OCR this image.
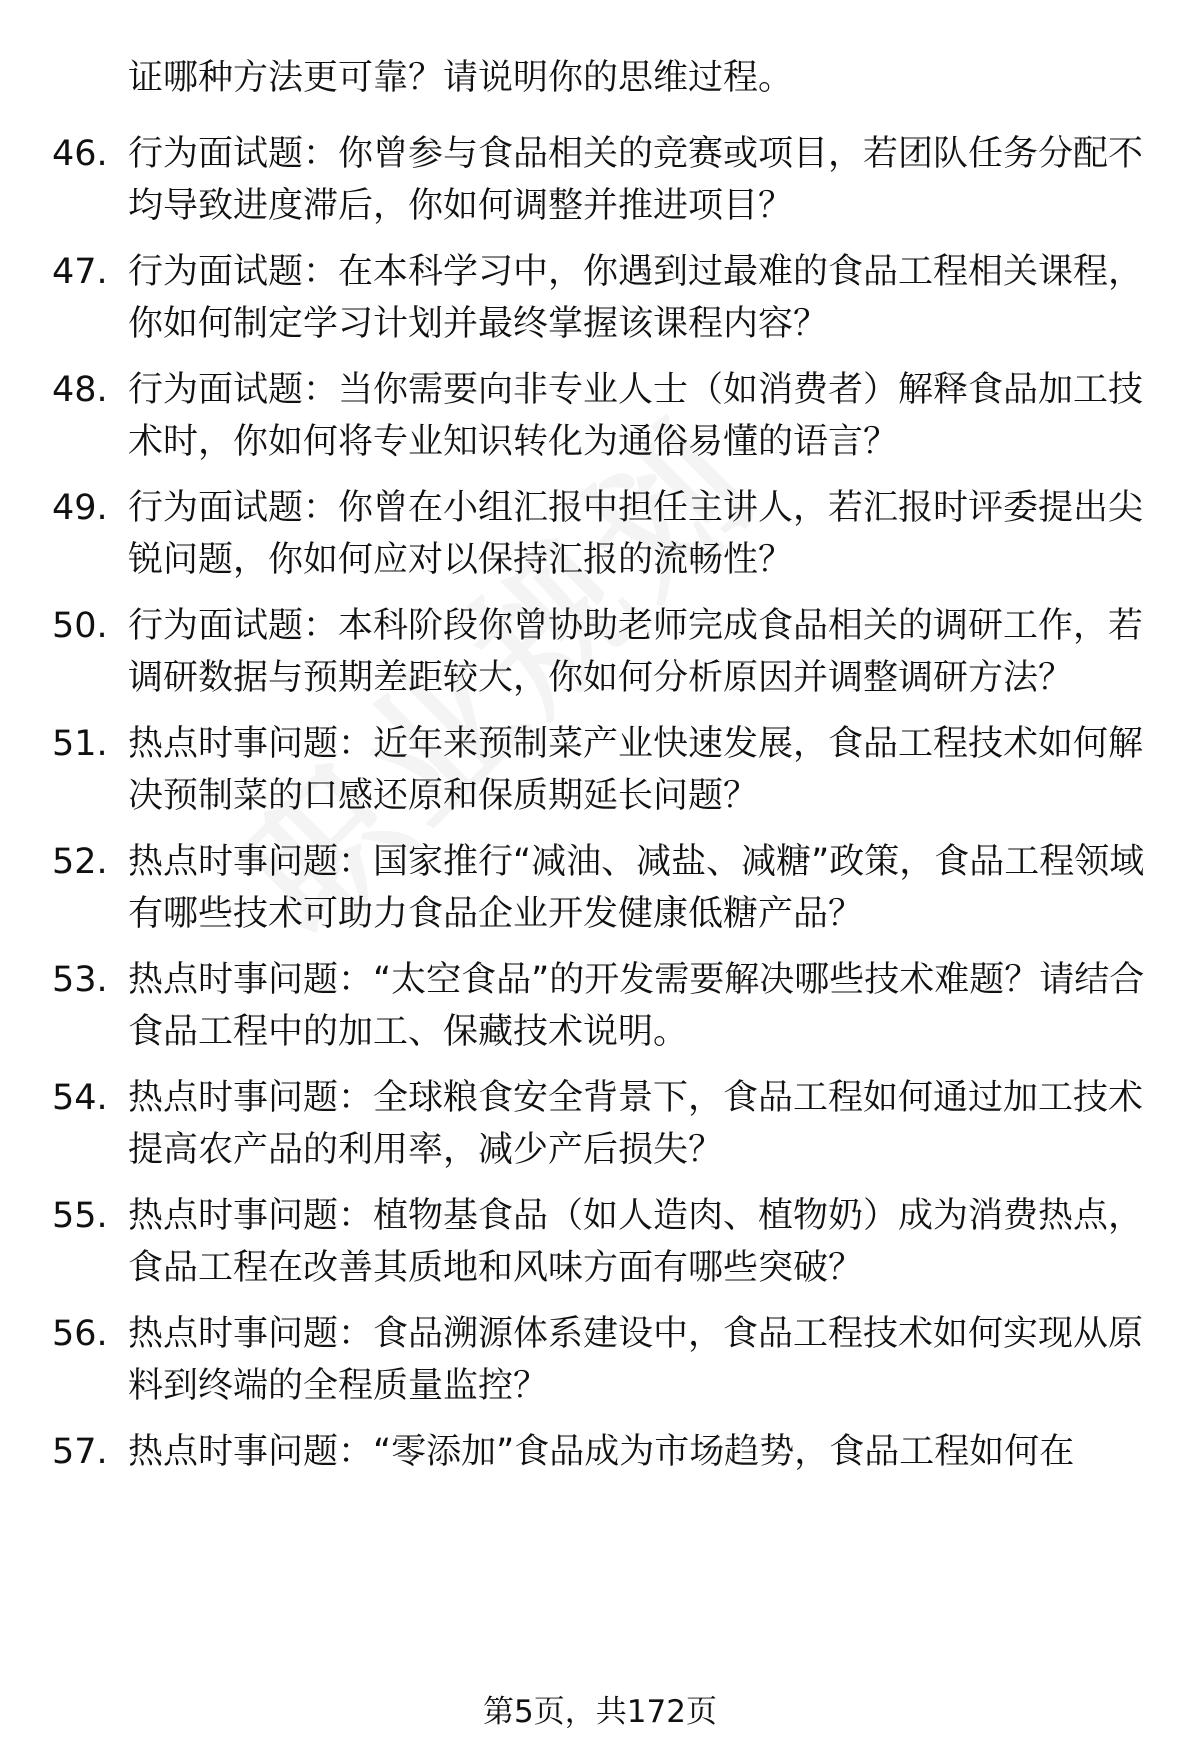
证哪种方法更可靠？请说明你的思维过程。
46. 行为面试题：你曾参与食品相关的竞赛或项目，若团队任务分配不均导致进度滞后，你如何调整并推进项目？
47. 行为面试题：在本科学习中，你遇到过最难的食品工程相关课程，你如何制定学习计划并最终掌握该课程内容？
48. 行为面试题：当你需要向非专业人士（如消费者）解释食品加工技术时，你如何将专业知识转化为通俗易懂的语言？
49. 行为面试题：你曾在小组汇报中担任主讲人，若汇报时评委提出尖锐问题，你如何应对以保持汇报的流畅性？
50. 行为面试题：本科阶段你曾协助老师完成食品相关的调研工作，若调研数据与预期差距较大，你如何分析原因并调整调研方法？
51. 热点时事问题：近年来预制菜产业快速发展，食品工程技术如何解决预制菜的口感还原和保质期延长问题？
52. 热点时事问题：国家推行“减油、减盐、减糖”政策，食品工程领域有哪些技术可助力食品企业开发健康低糖产品？
53. 热点时事问题：“太空食品”的开发需要解决哪些技术难题？请结合食品工程中的加工、保藏技术说明。
54. 热点时事问题：全球粮食安全背景下，食品工程如何通过加工技术提高农产品的利用率，减少产后损失？
55. 热点时事问题：植物基食品（如人造肉、植物奶）成为消费热点，食品工程在改善其质地和风味方面有哪些突破？
56. 热点时事问题：食品溯源体系建设中，食品工程技术如何实现从原料到终端的全程质量监控？
57. 热点时事问题：“零添加”食品成为市场趋势，食品工程如何在
第5页，共172页
